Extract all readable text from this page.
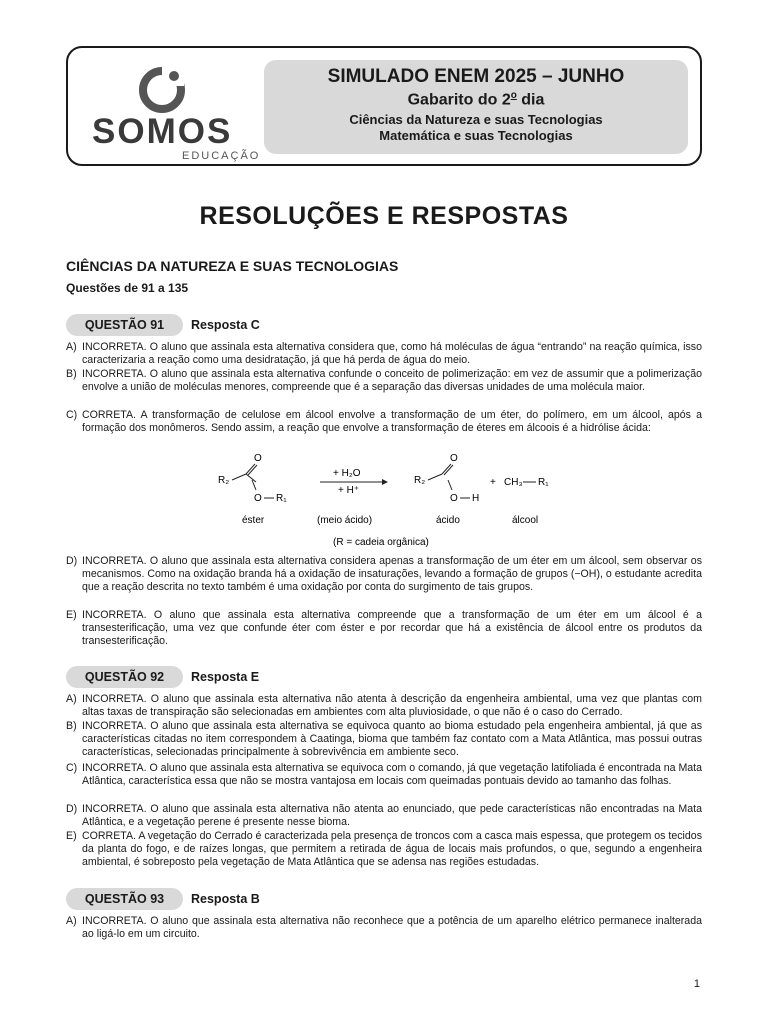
SOMOS
EDUCAÇÃO
SIMULADO ENEM 2025 – JUNHO
Gabarito do 2$^o$ dia
Ciências da Natureza e suas Tecnologias
Matemática e suas Tecnologias
RESOLUÇÕES E RESPOSTAS
CIÊNCIAS DA NATUREZA E SUAS TECNOLOGIAS
Questões de 91 a 135
QUESTÃO 91	Resposta C
A) INCORRETA. O aluno que assinala esta alternativa considera que, como há moléculas de água “entrando” na reação química, isso caracterizaria a reação como uma desidratação, já que há perda de água do meio.
B) INCORRETA. O aluno que assinala esta alternativa confunde o conceito de polimerização: em vez de assumir que a polimerização envolve a união de moléculas menores, compreende que é a separação das diversas unidades de uma molécula maior.
C) CORRETA. A transformação de celulose em álcool envolve a transformação de um éter, do polímero, em um álcool, após a formação dos monômeros. Sendo assim, a reação que envolve a transformação de éteres em álcoois é a hidrólise ácida:
R₂
O
O R₁
éster
+ H₂O
+ H⁺
(meio ácido)
R₂
O
O H
ácido
+ CH₃ R₁
álcool
(R = cadeia orgânica)
D) INCORRETA. O aluno que assinala esta alternativa considera apenas a transformação de um éter em um álcool, sem observar os mecanismos. Como na oxidação branda há a oxidação de insaturações, levando a formação de grupos (−OH), o estudante acredita que a reação descrita no texto também é uma oxidação por conta do surgimento de tais grupos.
E) INCORRETA. O aluno que assinala esta alternativa compreende que a transformação de um éter em um álcool é a transesterificação, uma vez que confunde éter com éster e por recordar que há a existência de álcool entre os produtos da transesterificação.
QUESTÃO 92	Resposta E
A) INCORRETA. O aluno que assinala esta alternativa não atenta à descrição da engenheira ambiental, uma vez que plantas com altas taxas de transpiração são selecionadas em ambientes com alta pluviosidade, o que não é o caso do Cerrado.
B) INCORRETA. O aluno que assinala esta alternativa se equivoca quanto ao bioma estudado pela engenheira ambiental, já que as características citadas no item correspondem à Caatinga, bioma que também faz contato com a Mata Atlântica, mas possui outras características, selecionadas principalmente à sobrevivência em ambiente seco.
C) INCORRETA. O aluno que assinala esta alternativa se equivoca com o comando, já que vegetação latifoliada é encontrada na Mata Atlântica, característica essa que não se mostra vantajosa em locais com queimadas pontuais devido ao tamanho das folhas.
D) INCORRETA. O aluno que assinala esta alternativa não atenta ao enunciado, que pede características não encontradas na Mata Atlântica, e a vegetação perene é presente nesse bioma.
E) CORRETA. A vegetação do Cerrado é caracterizada pela presença de troncos com a casca mais espessa, que protegem os tecidos da planta do fogo, e de raízes longas, que permitem a retirada de água de locais mais profundos, o que, segundo a engenheira ambiental, é sobreposto pela vegetação de Mata Atlântica que se adensa nas regiões estudadas.
QUESTÃO 93	Resposta B
A) INCORRETA. O aluno que assinala esta alternativa não reconhece que a potência de um aparelho elétrico permanece inalterada ao ligá-lo em um circuito.
1
